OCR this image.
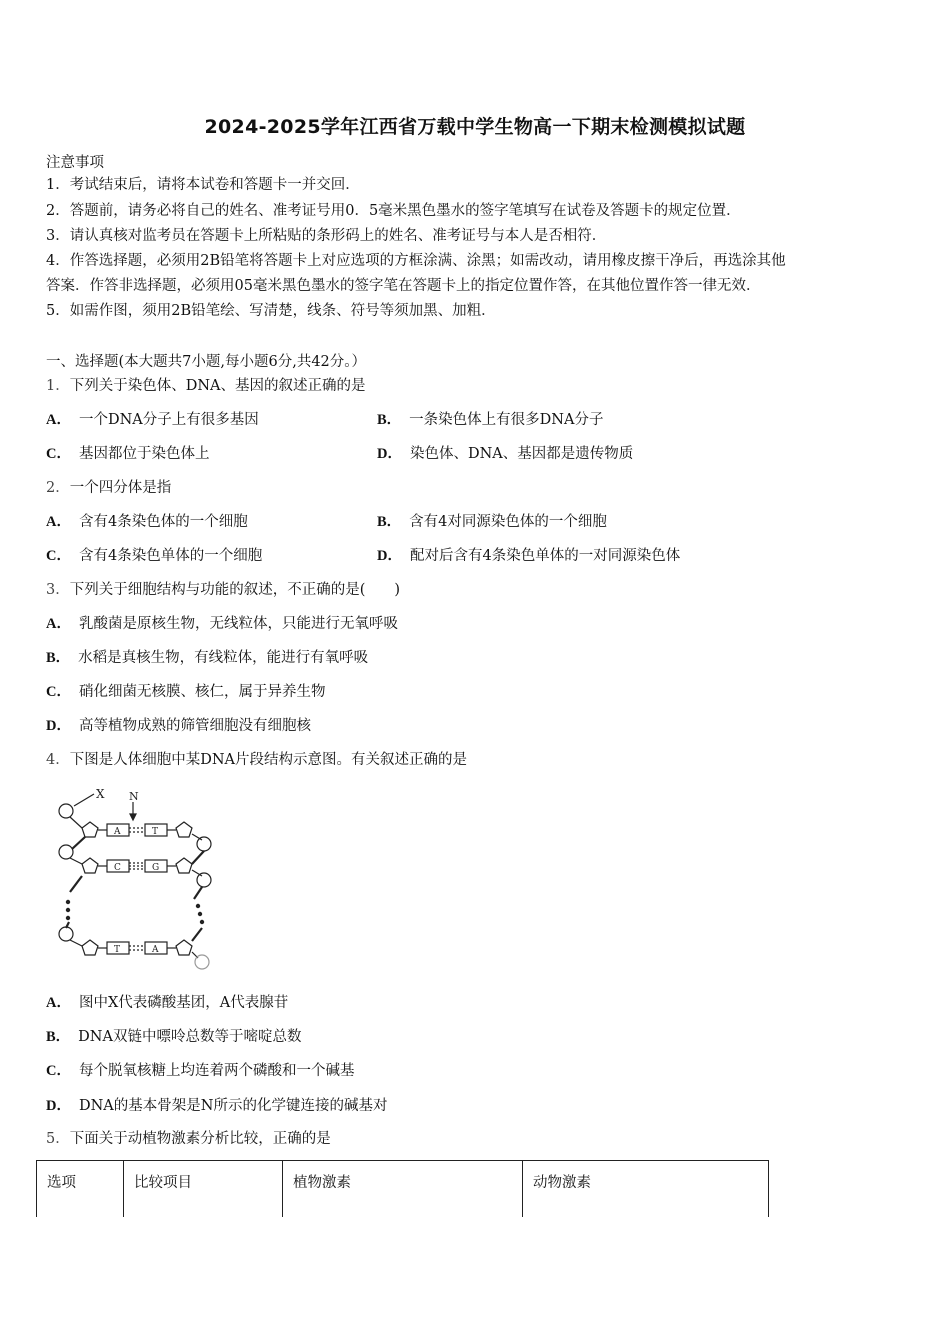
2024-2025学年江西省万载中学生物高一下期末检测模拟试题
注意事项
1．考试结束后，请将本试卷和答题卡一并交回．
2．答题前，请务必将自己的姓名、准考证号用0．5毫米黑色墨水的签字笔填写在试卷及答题卡的规定位置．
3．请认真核对监考员在答题卡上所粘贴的条形码上的姓名、准考证号与本人是否相符．
4．作答选择题，必须用2B铅笔将答题卡上对应选项的方框涂满、涂黑；如需改动，请用橡皮擦干净后，再选涂其他
答案．作答非选择题，必须用05毫米黑色墨水的签字笔在答题卡上的指定位置作答，在其他位置作答一律无效．
5．如需作图，须用2B铅笔绘、写清楚，线条、符号等须加黑、加粗．
一、选择题(本大题共7小题,每小题6分,共42分。）
1．下列关于染色体、DNA、基因的叙述正确的是
A． 一个DNA分子上有很多基因	B． 一条染色体上有很多DNA分子
C． 基因都位于染色体上	D． 染色体、DNA、基因都是遗传物质
2．一个四分体是指
A． 含有4条染色体的一个细胞	B． 含有4对同源染色体的一个细胞
C． 含有4条染色单体的一个细胞	D． 配对后含有4条染色单体的一对同源染色体
3．下列关于细胞结构与功能的叙述，不正确的是(　　)
A． 乳酸菌是原核生物，无线粒体，只能进行无氧呼吸
B． 水稻是真核生物，有线粒体，能进行有氧呼吸
C． 硝化细菌无核膜、核仁，属于异养生物
D． 高等植物成熟的筛管细胞没有细胞核
4．下图是人体细胞中某DNA片段结构示意图。有关叙述正确的是
X N
A	T
C	G
T	A
A． 图中X代表磷酸基团，A代表腺苷
B． DNA双链中嘌呤总数等于嘧啶总数
C． 每个脱氧核糖上均连着两个磷酸和一个碱基
D． DNA的基本骨架是N所示的化学键连接的碱基对
5．下面关于动植物激素分析比较，正确的是
选项	比较项目	植物激素	动物激素
